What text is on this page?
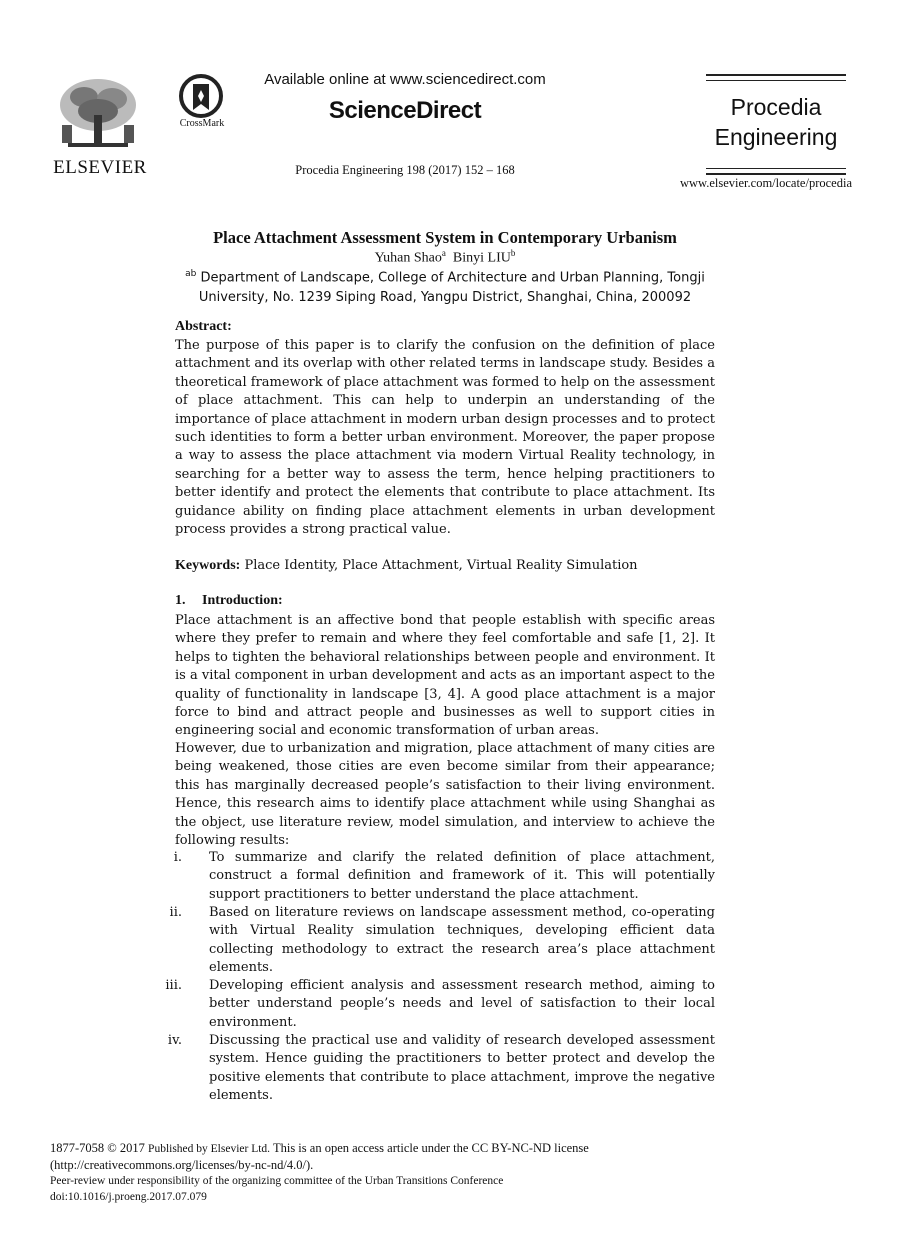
ELSEVIER
CrossMark
Available online at www.sciencedirect.com
ScienceDirect
Procedia Engineering 198 (2017) 152 – 168
Procedia
Engineering
www.elsevier.com/locate/procedia
Place Attachment Assessment System in Contemporary Urbanism
Yuhan Shao$^a$ Binyi LIU$^b$
$^{ab}$ Department of Landscape, College of Architecture and Urban Planning, Tongji
University, No. 1239 Siping Road, Yangpu District, Shanghai, China, 200092
Abstract:
The purpose of this paper is to clarify the confusion on the definition of place attachment and its overlap with other related terms in landscape study. Besides a theoretical framework of place attachment was formed to help on the assessment of place attachment. This can help to underpin an understanding of the importance of place attachment in modern urban design processes and to protect such identities to form a better urban environment. Moreover, the paper propose a way to assess the place attachment via modern Virtual Reality technology, in searching for a better way to assess the term, hence helping practitioners to better identify and protect the elements that contribute to place attachment. Its guidance ability on finding place attachment elements in urban development process provides a strong practical value.
Keywords: Place Identity, Place Attachment, Virtual Reality Simulation
1. Introduction:
Place attachment is an affective bond that people establish with specific areas where they prefer to remain and where they feel comfortable and safe [1, 2]. It helps to tighten the behavioral relationships between people and environment. It is a vital component in urban development and acts as an important aspect to the quality of functionality in landscape [3, 4]. A good place attachment is a major force to bind and attract people and businesses as well to support cities in engineering social and economic transformation of urban areas.
However, due to urbanization and migration, place attachment of many cities are being weakened, those cities are even become similar from their appearance; this has marginally decreased people’s satisfaction to their living environment. Hence, this research aims to identify place attachment while using Shanghai as the object, use literature review, model simulation, and interview to achieve the following results:
i. To summarize and clarify the related definition of place attachment, construct a formal definition and framework of it. This will potentially support practitioners to better understand the place attachment.
ii. Based on literature reviews on landscape assessment method, co-operating with Virtual Reality simulation techniques, developing efficient data collecting methodology to extract the research area’s place attachment elements.
iii. Developing efficient analysis and assessment research method, aiming to better understand people’s needs and level of satisfaction to their local environment.
iv. Discussing the practical use and validity of research developed assessment system. Hence guiding the practitioners to better protect and develop the positive elements that contribute to place attachment, improve the negative elements.
1877-7058 © 2017 Published by Elsevier Ltd. This is an open access article under the CC BY-NC-ND license
(http://creativecommons.org/licenses/by-nc-nd/4.0/).
Peer-review under responsibility of the organizing committee of the Urban Transitions Conference
doi:10.1016/j.proeng.2017.07.079
